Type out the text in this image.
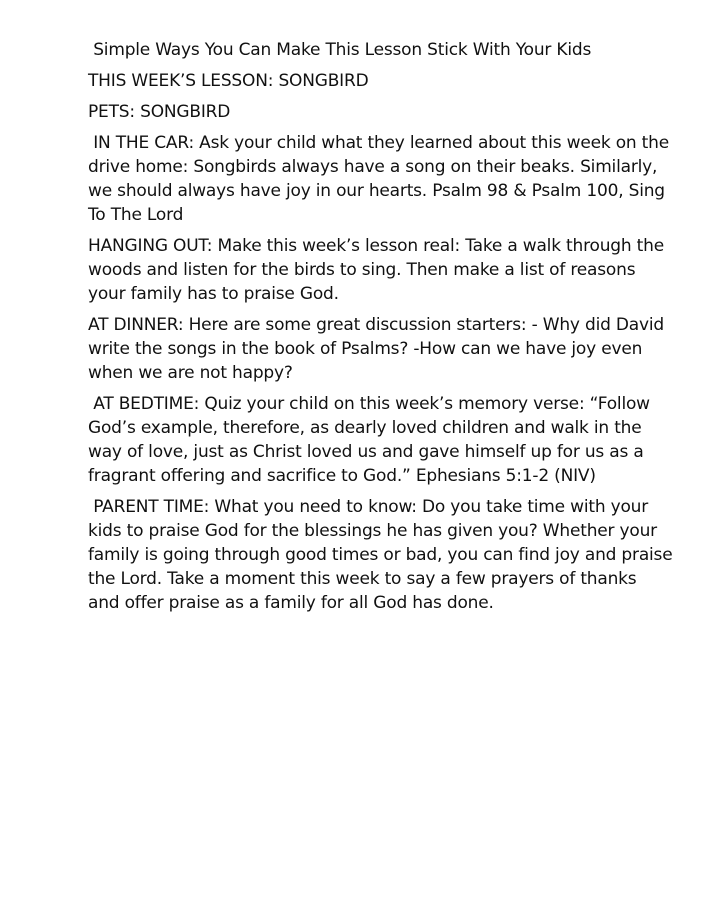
Simple Ways You Can Make This Lesson Stick With Your Kids

THIS WEEK’S LESSON: SONGBIRD

PETS: SONGBIRD

IN THE CAR: Ask your child what they learned about this week on the drive home: Songbirds always have a song on their beaks. Similarly, we should always have joy in our hearts. Psalm 98 & Psalm 100, Sing To The Lord

HANGING OUT: Make this week’s lesson real: Take a walk through the woods and listen for the birds to sing. Then make a list of reasons your family has to praise God.

AT DINNER: Here are some great discussion starters: - Why did David write the songs in the book of Psalms? -How can we have joy even when we are not happy?

AT BEDTIME: Quiz your child on this week’s memory verse: “Follow God’s example, therefore, as dearly loved children and walk in the way of love, just as Christ loved us and gave himself up for us as a fragrant offering and sacrifice to God.” Ephesians 5:1-2 (NIV)

PARENT TIME: What you need to know: Do you take time with your kids to praise God for the blessings he has given you? Whether your family is going through good times or bad, you can find joy and praise the Lord. Take a moment this week to say a few prayers of thanks and offer praise as a family for all God has done.
